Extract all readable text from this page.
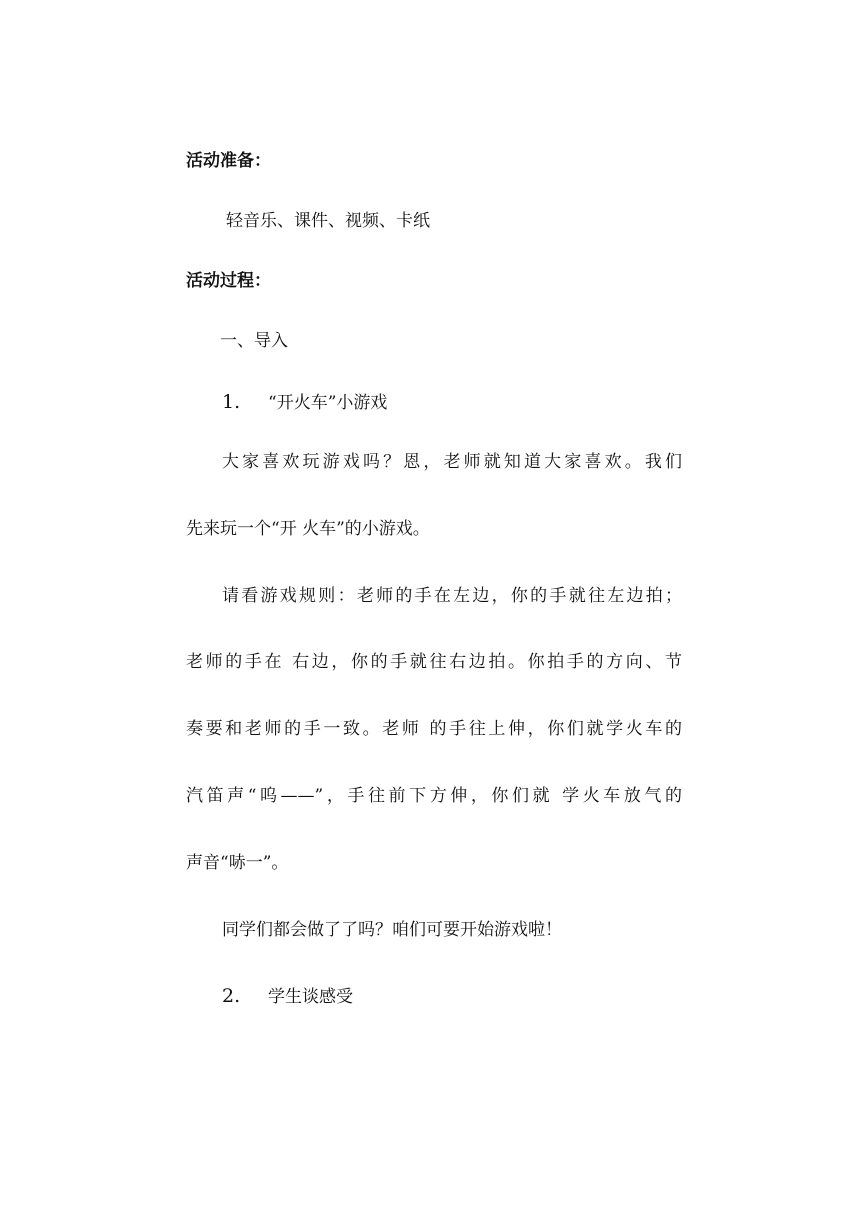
活动准备：
轻音乐、课件、视频、卡纸
活动过程：
一、导入
1. “开火车”小游戏
大家喜欢玩游戏吗？恩，老师就知道大家喜欢。我们
先来玩一个“开 火车”的小游戏。
请看游戏规则：老师的手在左边，你的手就往左边拍；
老师的手在 右边，你的手就往右边拍。你拍手的方向、节
奏要和老师的手一致。老师 的手往上伸，你们就学火车的
汽笛声“呜——”，手往前下方伸，你们就 学火车放气的
声音“哧一”。
同学们都会做了了吗？咱们可要开始游戏啦！
2. 学生谈感受
